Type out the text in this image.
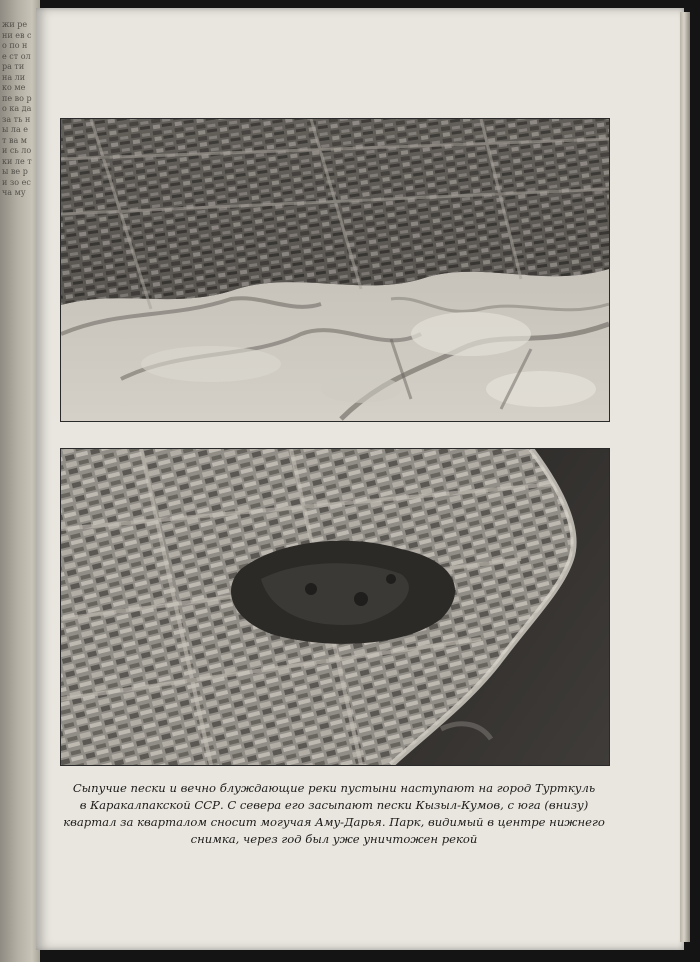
жи ре ни ев со по не ст ол ра ти на ли ко ме пе во ро ка да за ть ны ла ет ва ми сь ло ки ле ты ве ри зо ес ча му

Сыпучие пески и вечно блуждающие реки пустыни наступают на город Турткуль
в Каракалпакской ССР. С севера его засыпают пески Кызыл-Кумов, с юга (внизу)
квартал за кварталом сносит могучая Аму-Дарья. Парк, видимый в центре нижнего
снимка, через год был уже уничтожен рекой
